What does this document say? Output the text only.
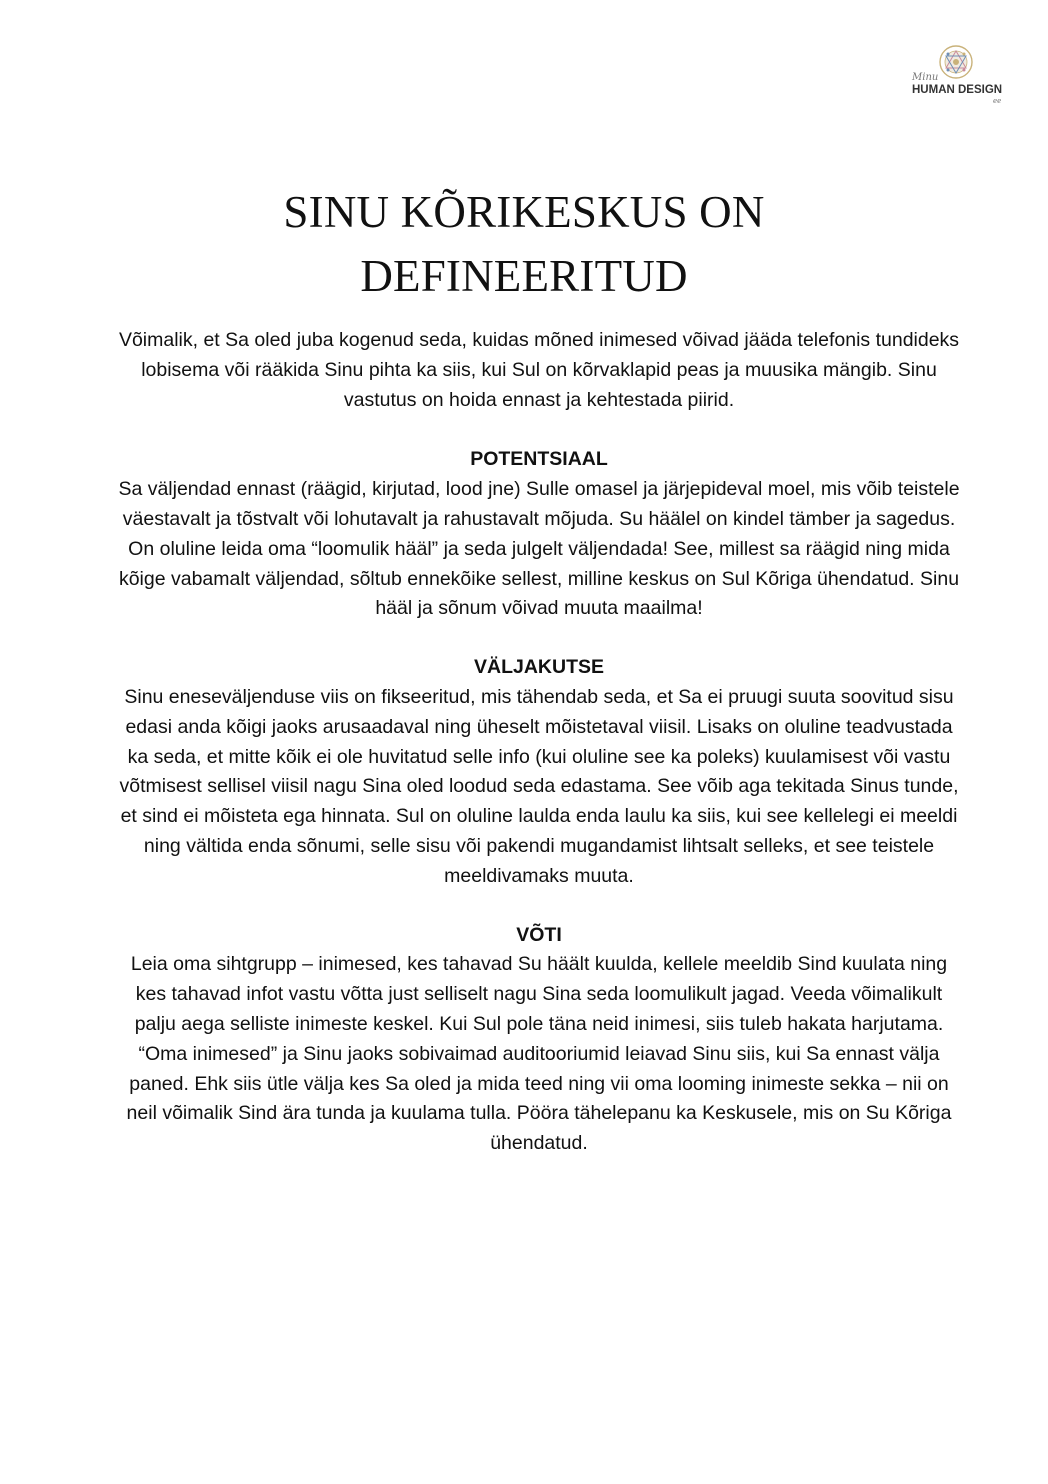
Minu
HUMAN DESIGN
ee
SINU KÕRIKESKUS ON
DEFINEERITUD

Võimalik, et Sa oled juba kogenud seda, kuidas mõned inimesed võivad jääda telefonis tundideks lobisema või rääkida Sinu pihta ka siis, kui Sul on kõrvaklapid peas ja muusika mängib. Sinu vastutus on hoida ennast ja kehtestada piirid.

POTENTSIAAL

Sa väljendad ennast (räägid, kirjutad, lood jne) Sulle omasel ja järjepideval moel, mis võib teistele väestavalt ja tõstvalt või lohutavalt ja rahustavalt mõjuda. Su häälel on kindel tämber ja sagedus. On oluline leida oma “loomulik hääl” ja seda julgelt väljendada! See, millest sa räägid ning mida kõige vabamalt väljendad, sõltub ennekõike sellest, milline keskus on Sul Kõriga ühendatud. Sinu hääl ja sõnum võivad muuta maailma!

VÄLJAKUTSE

Sinu eneseväljenduse viis on fikseeritud, mis tähendab seda, et Sa ei pruugi suuta soovitud sisu edasi anda kõigi jaoks arusaadaval ning üheselt mõistetaval viisil. Lisaks on oluline teadvustada ka seda, et mitte kõik ei ole huvitatud selle info (kui oluline see ka poleks) kuulamisest või vastu võtmisest sellisel viisil nagu Sina oled loodud seda edastama. See võib aga tekitada Sinus tunde, et sind ei mõisteta ega hinnata. Sul on oluline laulda enda laulu ka siis, kui see kellelegi ei meeldi ning vältida enda sõnumi, selle sisu või pakendi mugandamist lihtsalt selleks, et see teistele meeldivamaks muuta.

VÕTI

Leia oma sihtgrupp – inimesed, kes tahavad Su häält kuulda, kellele meeldib Sind kuulata ning kes tahavad infot vastu võtta just selliselt nagu Sina seda loomulikult jagad. Veeda võimalikult palju aega selliste inimeste keskel. Kui Sul pole täna neid inimesi, siis tuleb hakata harjutama. “Oma inimesed” ja Sinu jaoks sobivaimad auditooriumid leiavad Sinu siis, kui Sa ennast välja paned. Ehk siis ütle välja kes Sa oled ja mida teed ning vii oma looming inimeste sekka – nii on neil võimalik Sind ära tunda ja kuulama tulla. Pööra tähelepanu ka Keskusele, mis on Su Kõriga ühendatud.
